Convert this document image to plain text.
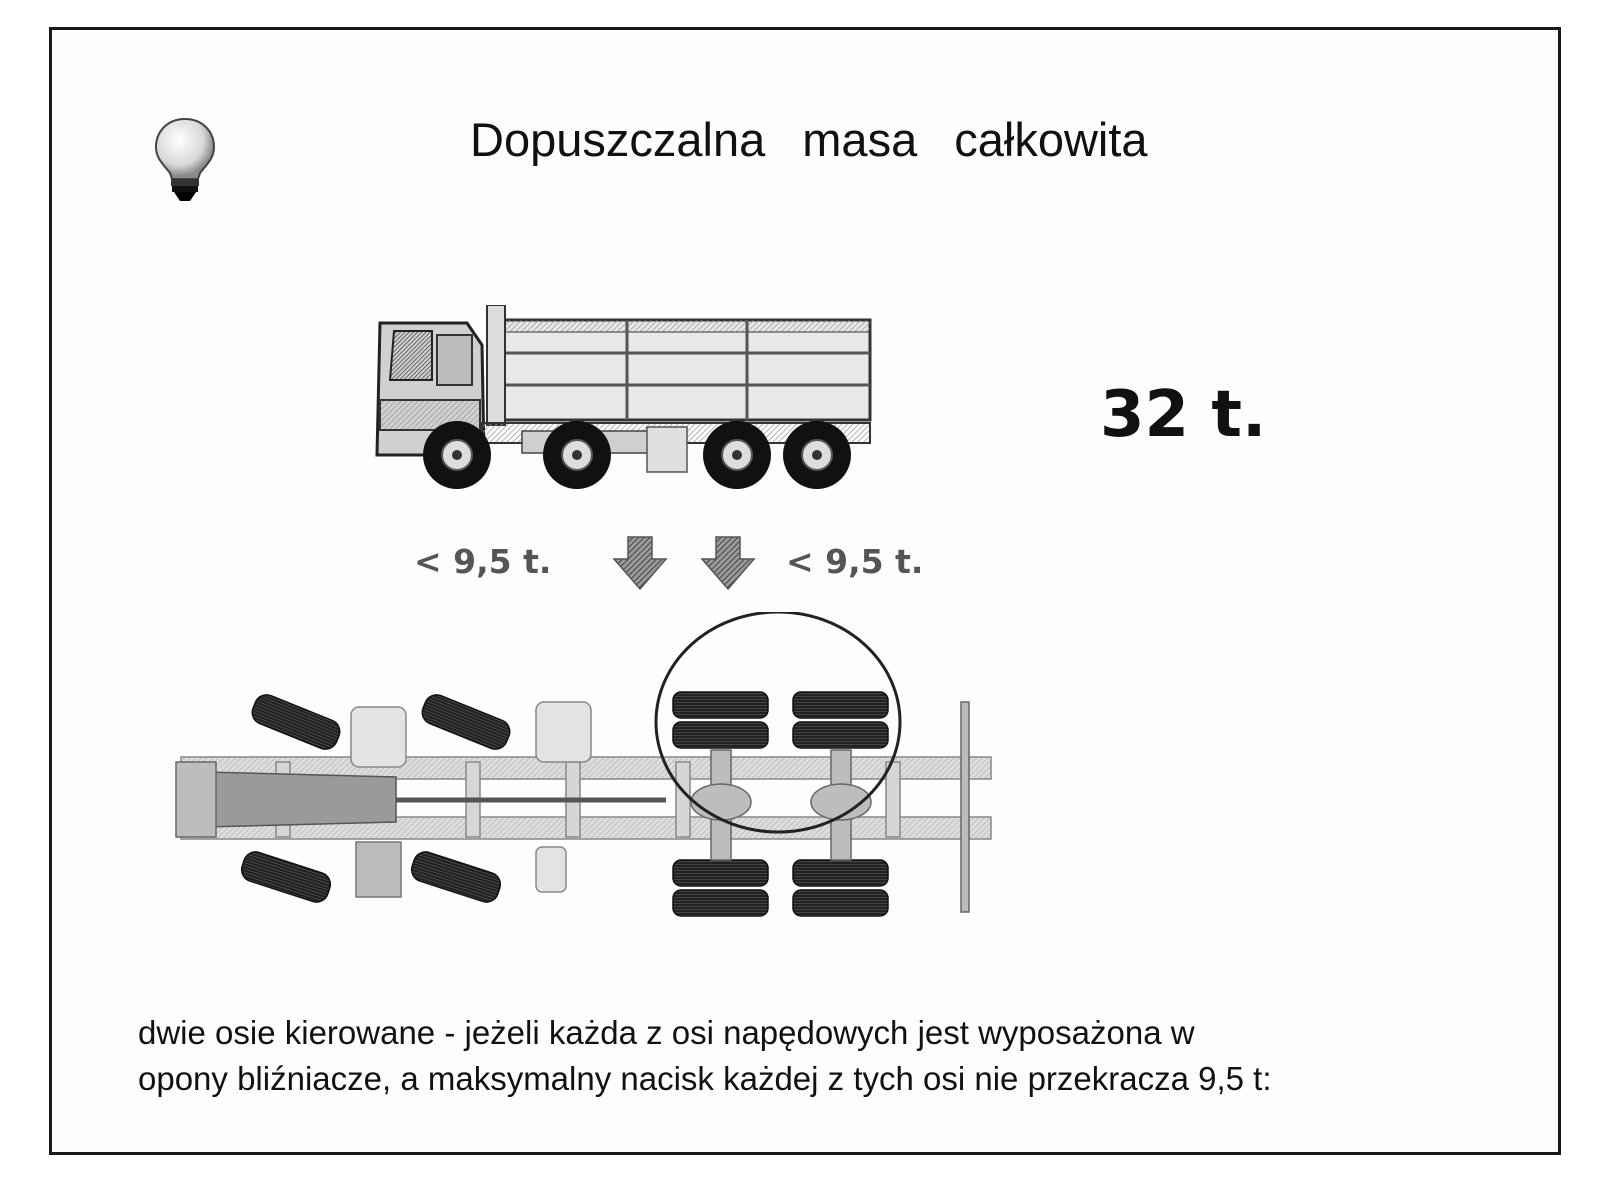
Dopuszczalna masa całkowita
32 t.
< 9,5 t.	< 9,5 t.
dwie osie kierowane - jeżeli każda z osi napędowych jest wyposażona w
opony bliźniacze, a maksymalny nacisk każdej z tych osi nie przekracza 9,5 t:
